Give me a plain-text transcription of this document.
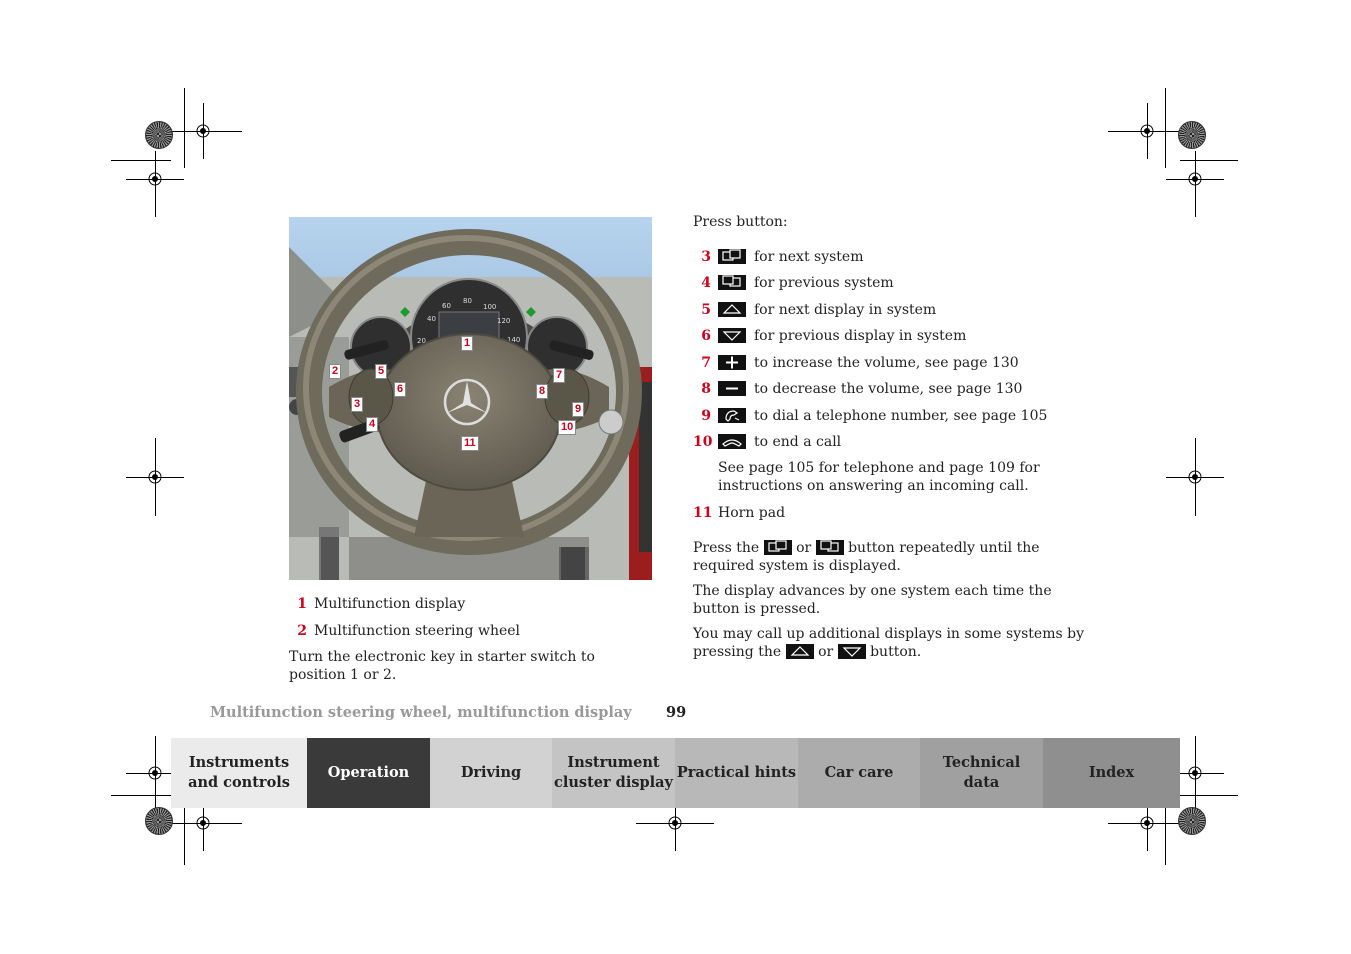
20
40
60
80
100
120
140
1
2
3
4
5
6
7
8
9
10
11
1 Multifunction display
2 Multifunction steering wheel
Turn the electronic key in starter switch to position 1 or 2.
Press button:
3	for next system
4	for previous system
5	for next display in system
6	for previous display in system
7	to increase the volume, see page 130
8	to decrease the volume, see page 130
9	to dial a telephone number, see page 105
10	to end a call
See page 105 for telephone and page 109 for
instructions on answering an incoming call.
11 Horn pad
Press the	or	button repeatedly until the
required system is displayed.
The display advances by one system each time the
button is pressed.
You may call up additional displays in some systems by
pressing the	or	button.
Multifunction steering wheel, multifunction display 99
Instruments
and controls
Operation	Driving
Instrument
cluster display
Practical hints Car care
Technical
data
Index
